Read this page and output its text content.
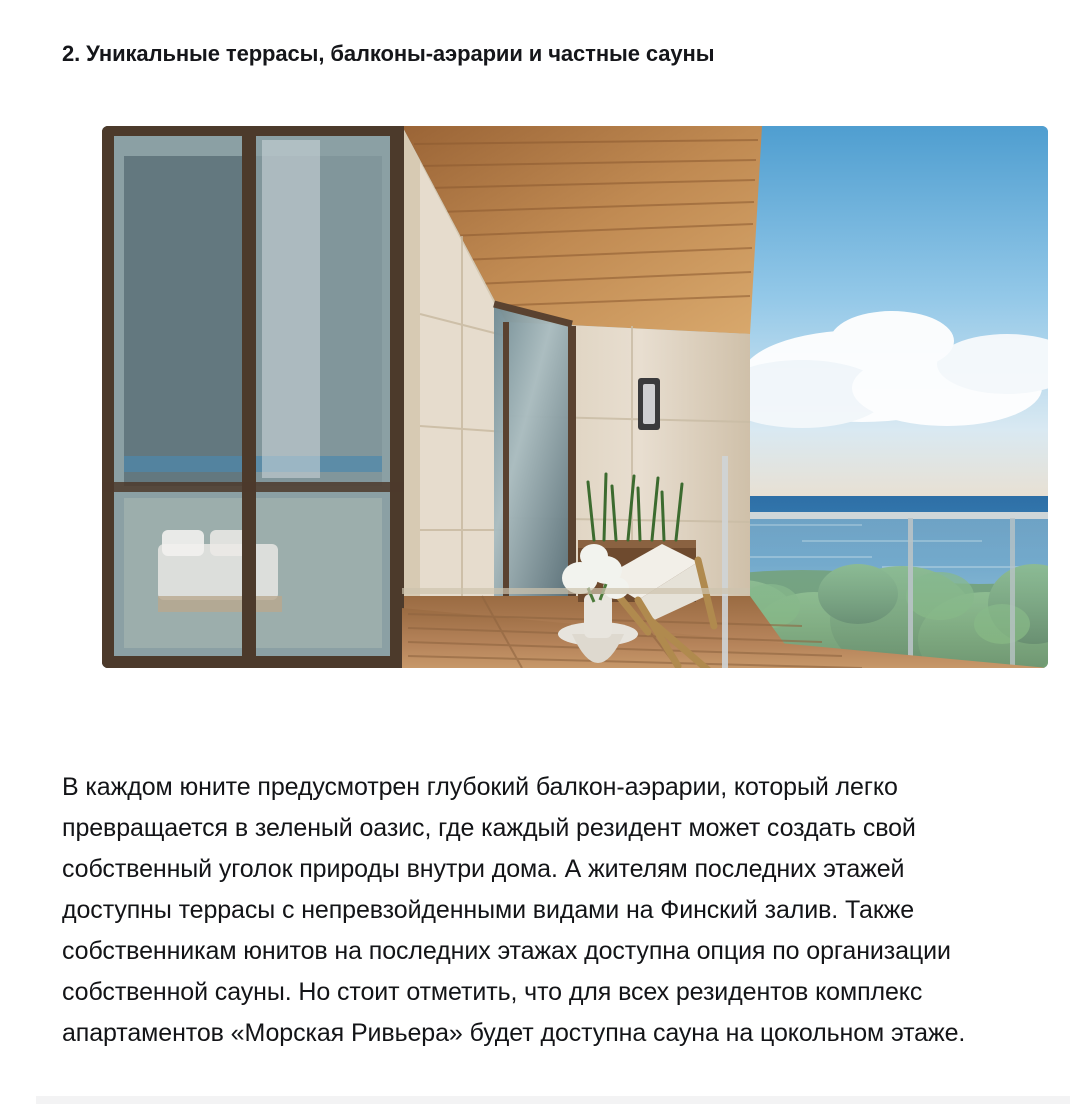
2. Уникальные террасы, балконы-аэрарии и частные сауны

В каждом юните предусмотрен глубокий балкон-аэрарии, который легко превращается в зеленый оазис, где каждый резидент может создать свой собственный уголок природы внутри дома. А жителям последних этажей доступны террасы с непревзойденными видами на Финский залив. Также собственникам юнитов на последних этажах доступна опция по организации собственной сауны. Но стоит отметить, что для всех резидентов комплекс апартаментов «Морская Ривьера» будет доступна сауна на цокольном этаже.
